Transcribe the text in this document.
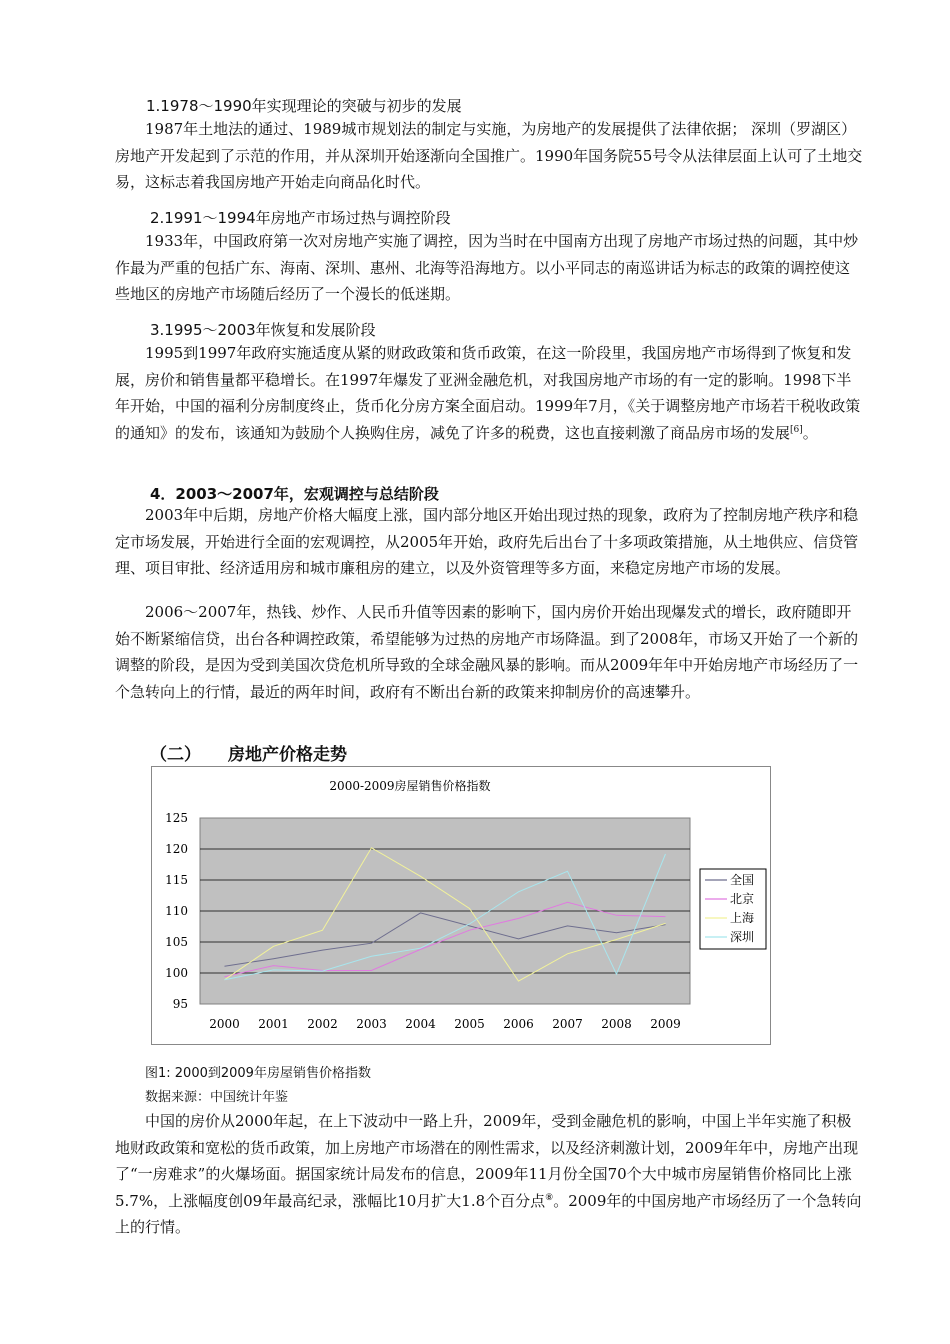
1.1978～1990年实现理论的突破与初步的发展

1987年土地法的通过、1989城市规划法的制定与实施，为房地产的发展提供了法律依据； 深圳（罗湖区）房地产开发起到了示范的作用，并从深圳开始逐渐向全国推广。1990年国务院55号令从法律层面上认可了土地交易，这标志着我国房地产开始走向商品化时代。

2.1991～1994年房地产市场过热与调控阶段

1933年，中国政府第一次对房地产实施了调控，因为当时在中国南方出现了房地产市场过热的问题，其中炒作最为严重的包括广东、海南、深圳、惠州、北海等沿海地方。以小平同志的南巡讲话为标志的政策的调控使这些地区的房地产市场随后经历了一个漫长的低迷期。

3.1995～2003年恢复和发展阶段

1995到1997年政府实施适度从紧的财政政策和货币政策，在这一阶段里，我国房地产市场得到了恢复和发展，房价和销售量都平稳增长。在1997年爆发了亚洲金融危机，对我国房地产市场的有一定的影响。1998下半年开始，中国的福利分房制度终止，货币化分房方案全面启动。1999年7月，《关于调整房地产市场若干税收政策的通知》的发布，该通知为鼓励个人换购住房，减免了许多的税费，这也直接刺激了商品房市场的发展[6]。

4．2003～2007年，宏观调控与总结阶段

2003年中后期，房地产价格大幅度上涨，国内部分地区开始出现过热的现象，政府为了控制房地产秩序和稳定市场发展，开始进行全面的宏观调控，从2005年开始，政府先后出台了十多项政策措施，从土地供应、信贷管理、项目审批、经济适用房和城市廉租房的建立，以及外资管理等多方面，来稳定房地产市场的发展。

2006～2007年，热钱、炒作、人民币升值等因素的影响下，国内房价开始出现爆发式的增长，政府随即开始不断紧缩信贷，出台各种调控政策，希望能够为过热的房地产市场降温。到了2008年，市场又开始了一个新的调整的阶段，是因为受到美国次贷危机所导致的全球金融风暴的影响。而从2009年年中开始房地产市场经历了一个急转向上的行情，最近的两年时间，政府有不断出台新的政策来抑制房价的高速攀升。

（二） 房地产价格走势
2000-2009房屋销售价格指数
95
100
105
110
115
120
125
2000 2001 2002 2003 2004 2005 2006 2007 2008 2009
全国
北京
上海
深圳
图1: 2000到2009年房屋销售价格指数
数据来源：中国统计年鉴

中国的房价从2000年起，在上下波动中一路上升，2009年，受到金融危机的影响，中国上半年实施了积极地财政政策和宽松的货币政策，加上房地产市场潜在的刚性需求，以及经济刺激计划，2009年年中，房地产出现了“一房难求”的火爆场面。据国家统计局发布的信息，2009年11月份全国70个大中城市房屋销售价格同比上涨5.7%，上涨幅度创09年最高纪录，涨幅比10月扩大1.8个百分点⑧。2009年的中国房地产市场经历了一个急转向上的行情。
